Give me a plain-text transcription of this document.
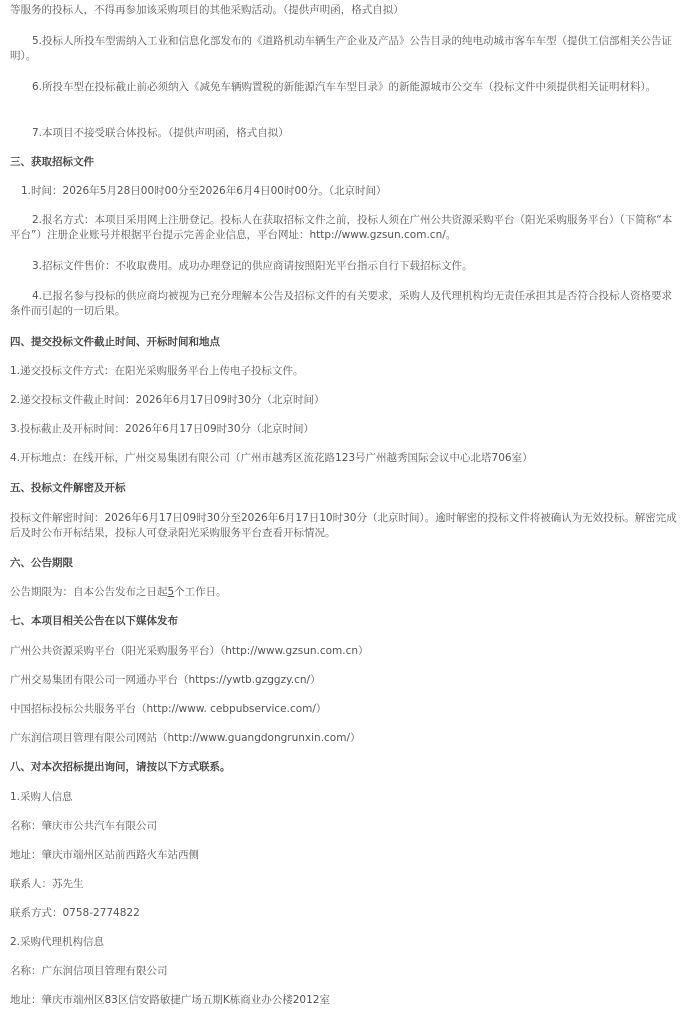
等服务的投标人，不得再参加该采购项目的其他采购活动。（提供声明函，格式自拟）

5.投标人所投车型需纳入工业和信息化部发布的《道路机动车辆生产企业及产品》公告目录的纯电动城市客车车型（提供工信部相关公告证明）。

6.所投车型在投标截止前必须纳入《减免车辆购置税的新能源汽车车型目录》的新能源城市公交车（投标文件中须提供相关证明材料）。

7.本项目不接受联合体投标。（提供声明函，格式自拟）

三、获取招标文件

1.时间：2026年5月28日00时00分至2026年6月4日00时00分。（北京时间）

2.报名方式：本项目采用网上注册登记。投标人在获取招标文件之前，投标人须在广州公共资源采购平台（阳光采购服务平台）（下简称“本平台”）注册企业账号并根据平台提示完善企业信息，平台网址：http://www.gzsun.com.cn/。

3.招标文件售价：不收取费用。成功办理登记的供应商请按照阳光平台指示自行下载招标文件。

4.已报名参与投标的供应商均被视为已充分理解本公告及招标文件的有关要求，采购人及代理机构均无责任承担其是否符合投标人资格要求条件而引起的一切后果。

四、提交投标文件截止时间、开标时间和地点

1.递交投标文件方式：在阳光采购服务平台上传电子投标文件。

2.递交投标文件截止时间：2026年6月17日09时30分（北京时间）

3.投标截止及开标时间：2026年6月17日09时30分（北京时间）

4.开标地点：在线开标，广州交易集团有限公司（广州市越秀区流花路123号广州越秀国际会议中心北塔706室）

五、投标文件解密及开标

投标文件解密时间：2026年6月17日09时30分至2026年6月17日10时30分（北京时间）。逾时解密的投标文件将被确认为无效投标。解密完成后及时公布开标结果，投标人可登录阳光采购服务平台查看开标情况。

六、公告期限

公告期限为：自本公告发布之日起5个工作日。

七、本项目相关公告在以下媒体发布

广州公共资源采购平台（阳光采购服务平台）（http://www.gzsun.com.cn）

广州交易集团有限公司一网通办平台（https://ywtb.gzggzy.cn/）

中国招标投标公共服务平台（http://www. cebpubservice.com/）

广东润信项目管理有限公司网站（http://www.guangdongrunxin.com/）

八、对本次招标提出询问，请按以下方式联系。

1.采购人信息

名称：肇庆市公共汽车有限公司

地址：肇庆市端州区站前西路火车站西侧

联系人：苏先生

联系方式：0758-2774822

2.采购代理机构信息

名称：广东润信项目管理有限公司

地址：肇庆市端州区83区信安路敏捷广场五期K栋商业办公楼2012室
